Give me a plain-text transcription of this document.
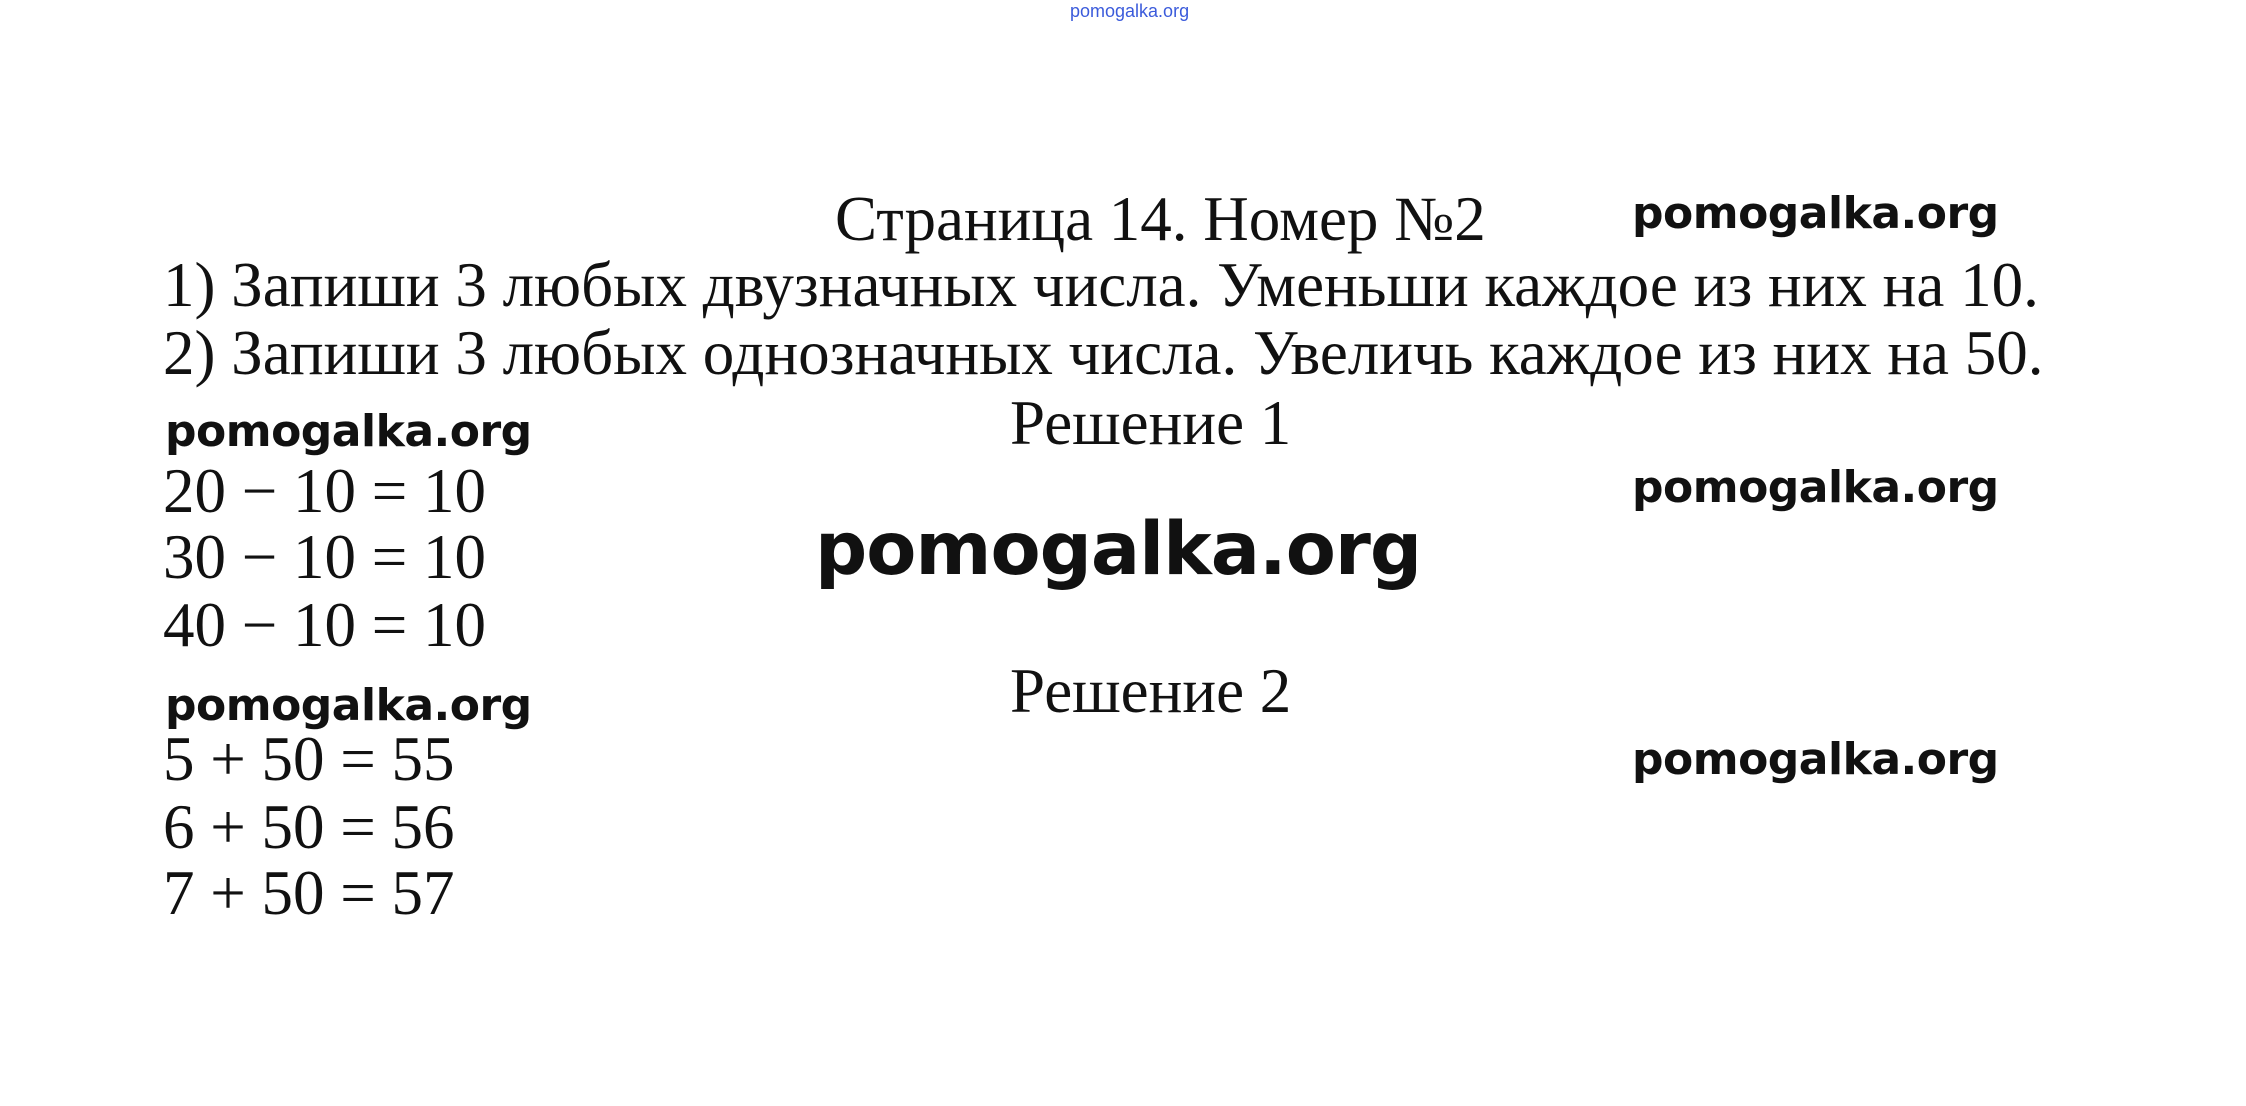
pomogalka.org
Страница 14. Номер №2	pomogalka.org
1) Запиши 3 любых двузначных числа. Уменьши каждое из них на 10.
2) Запиши 3 любых однозначных числа. Увеличь каждое из них на 50.
pomogalka.org	Решение 1
pomogalka.org
20 − 10 = 10
30 − 10 = 10
40 − 10 = 10
pomogalka.org
Решение 2
pomogalka.org
pomogalka.org
5 + 50 = 55
6 + 50 = 56
7 + 50 = 57
